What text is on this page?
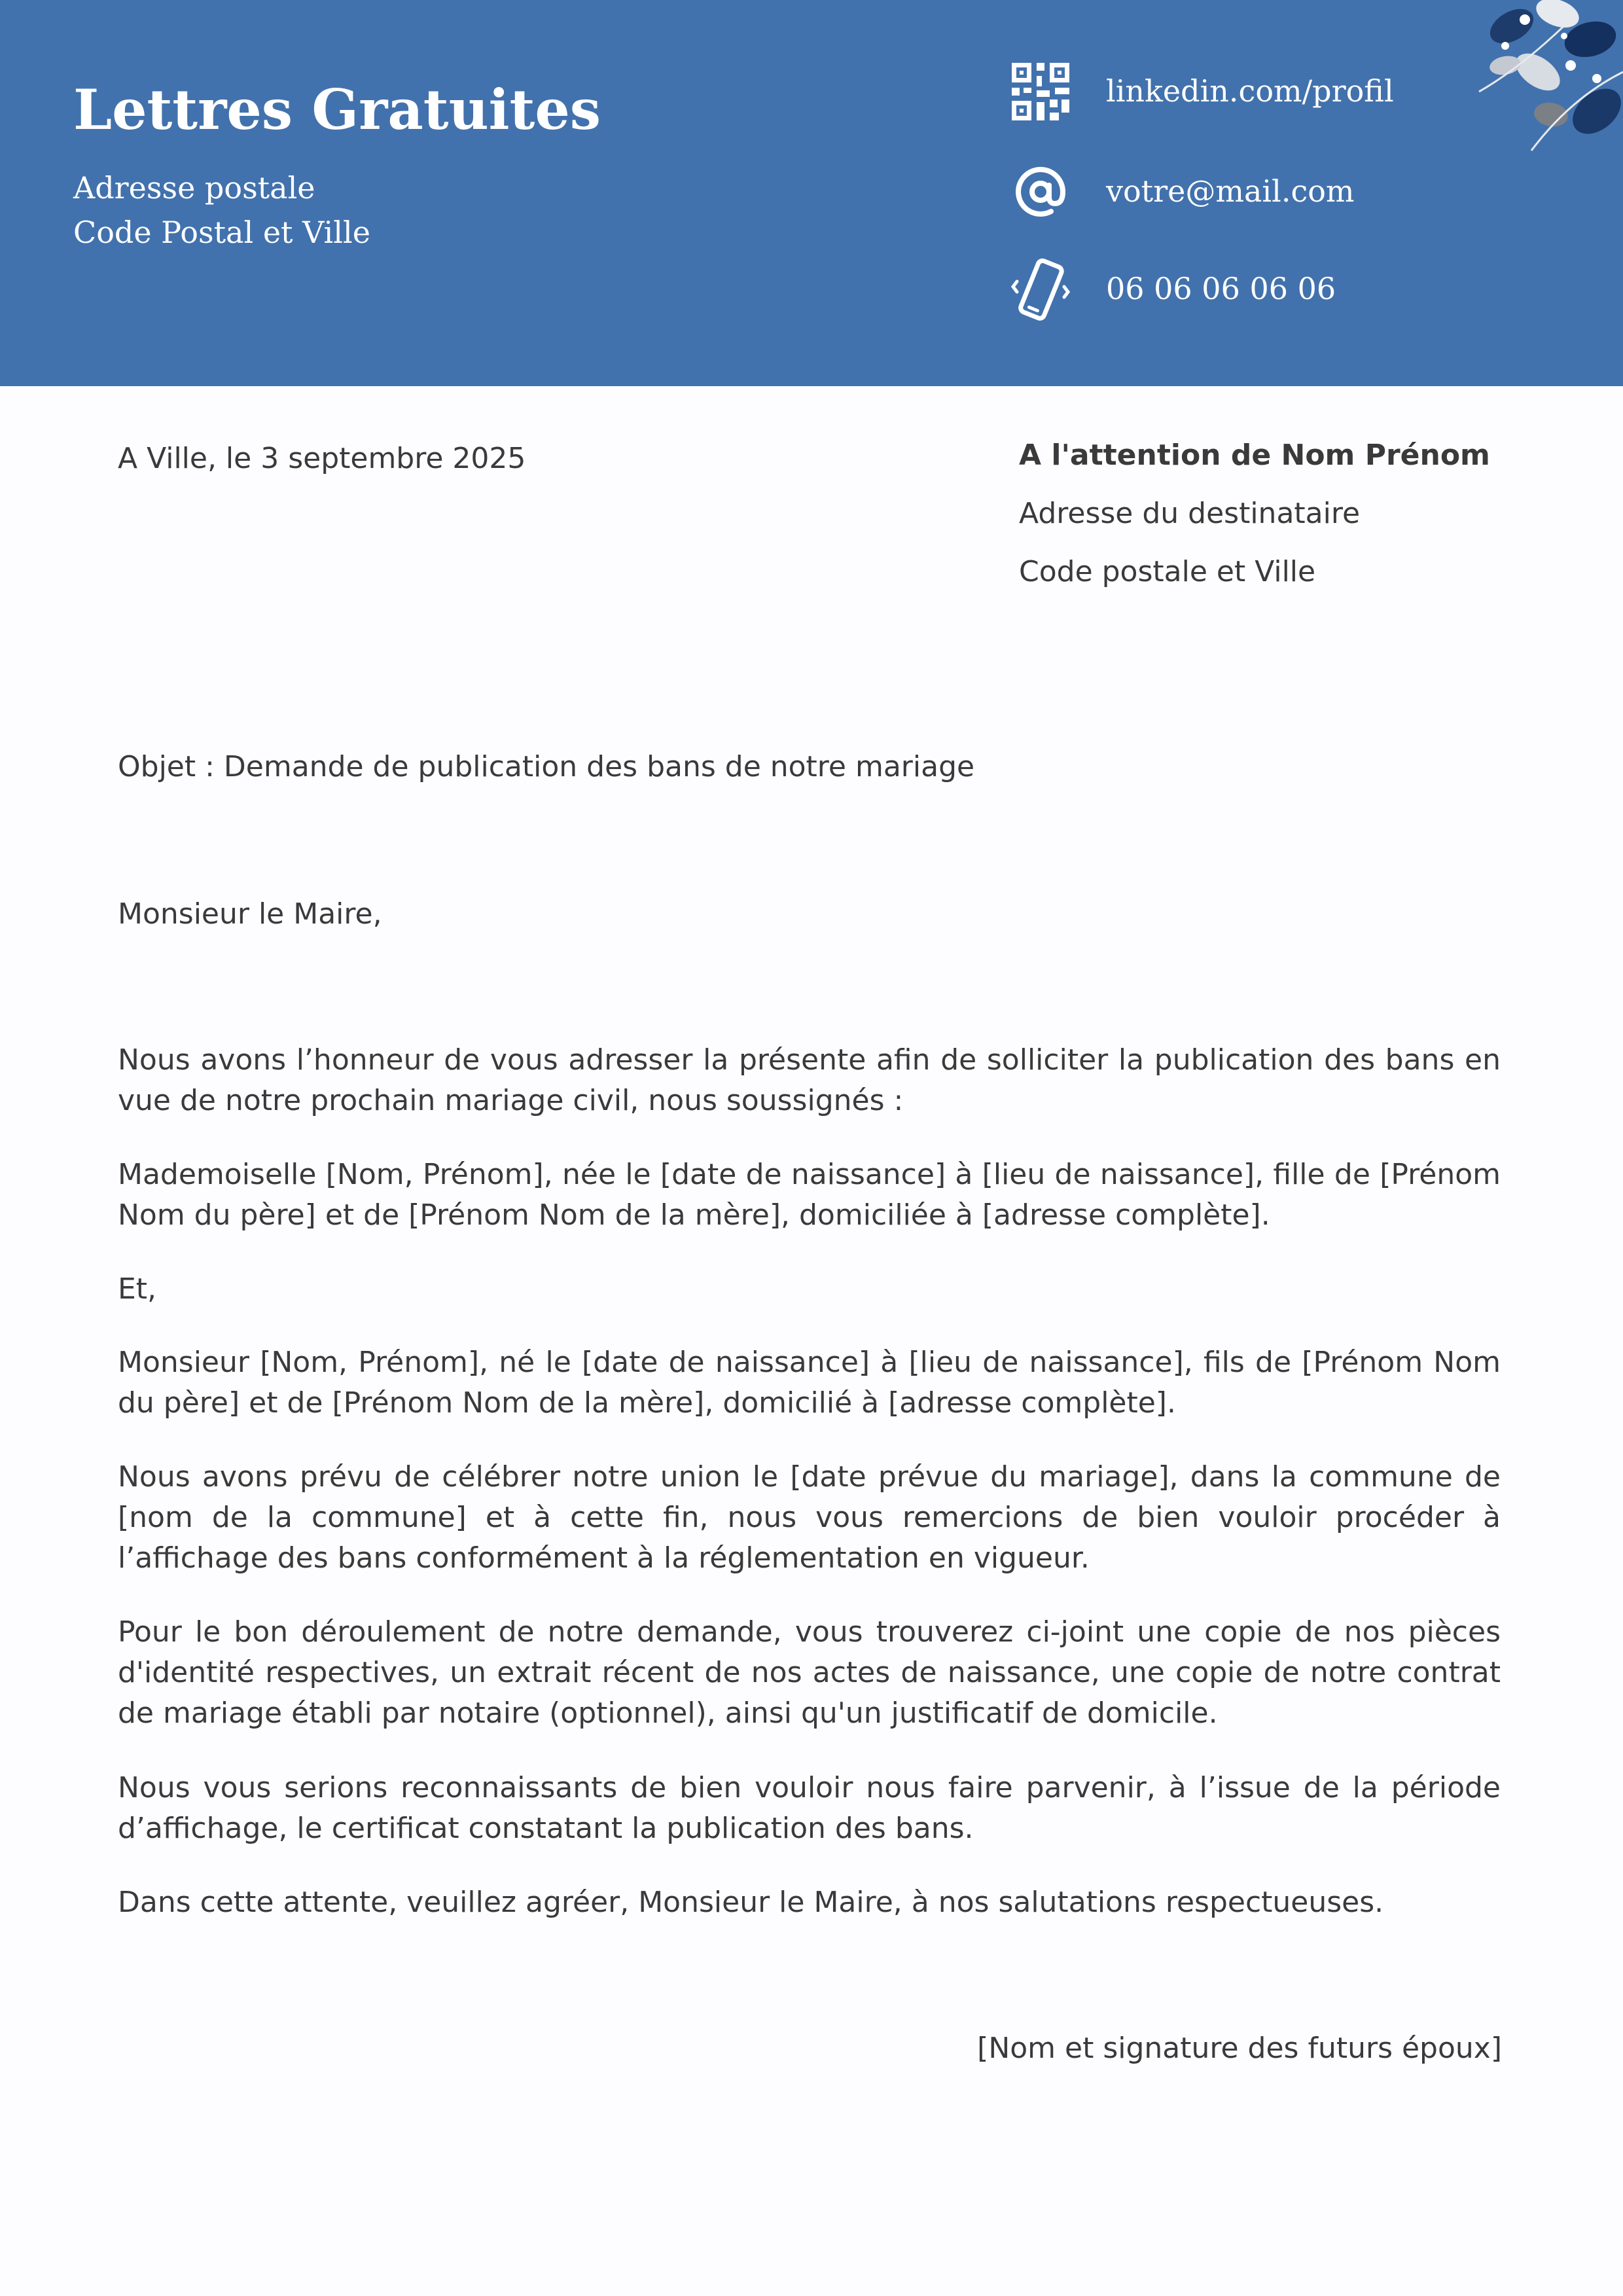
Lettres Gratuites
Adresse postale
Code Postal et Ville
linkedin.com/profil
votre@mail.com
06 06 06 06 06
A Ville, le 3 septembre 2025	A l'attention de Nom Prénom
Adresse du destinataire
Code postale et Ville
Objet : Demande de publication des bans de notre mariage
Monsieur le Maire,
Nous avons l’honneur de vous adresser la présente afin de solliciter la publication des bans en vue de notre prochain mariage civil, nous soussignés :
Mademoiselle [Nom, Prénom], née le [date de naissance] à [lieu de naissance], fille de [Prénom Nom du père] et de [Prénom Nom de la mère], domiciliée à [adresse complète].
Et,
Monsieur [Nom, Prénom], né le [date de naissance] à [lieu de naissance], fils de [Prénom Nom du père] et de [Prénom Nom de la mère], domicilié à [adresse complète].
Nous avons prévu de célébrer notre union le [date prévue du mariage], dans la commune de [nom de la commune] et à cette fin, nous vous remercions de bien vouloir procéder à l’affichage des bans conformément à la réglementation en vigueur.
Pour le bon déroulement de notre demande, vous trouverez ci-joint une copie de nos pièces d'identité respectives, un extrait récent de nos actes de naissance, une copie de notre contrat de mariage établi par notaire (optionnel), ainsi qu'un justificatif de domicile.
Nous vous serions reconnaissants de bien vouloir nous faire parvenir, à l’issue de la période d’affichage, le certificat constatant la publication des bans.
Dans cette attente, veuillez agréer, Monsieur le Maire, à nos salutations respectueuses.
[Nom et signature des futurs époux]
